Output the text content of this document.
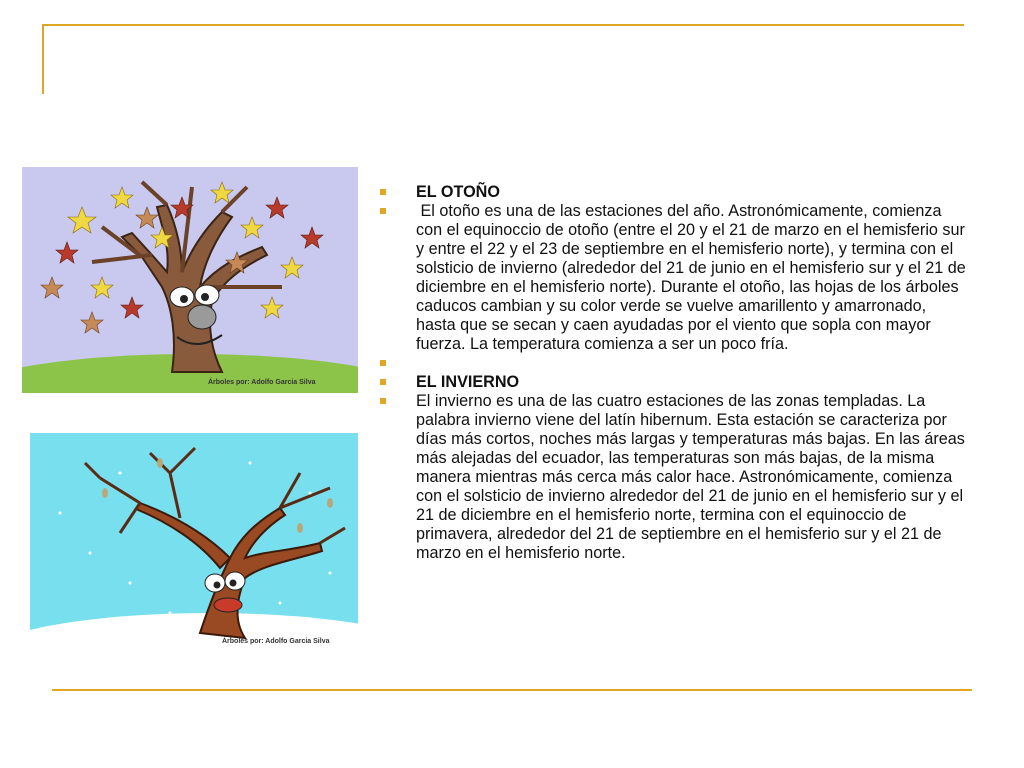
Árboles por: Adolfo Garcia Silva
Árboles por: Adolfo Garcia Silva
EL OTOÑO
El otoño es una de las estaciones del año. Astronómicamente, comienza con el equinoccio de otoño (entre el 20 y el 21 de marzo en el hemisferio sur y entre el 22 y el 23 de septiembre en el hemisferio norte), y termina con el solsticio de invierno (alrededor del 21 de junio en el hemisferio sur y el 21 de diciembre en el hemisferio norte). Durante el otoño, las hojas de los árboles caducos cambian y su color verde se vuelve amarillento y amarronado, hasta que se secan y caen ayudadas por el viento que sopla con mayor fuerza. La temperatura comienza a ser un poco fría.
EL INVIERNO
El invierno es una de las cuatro estaciones de las zonas templadas. La palabra invierno viene del latín hibernum. Esta estación se caracteriza por días más cortos, noches más largas y temperaturas más bajas. En las áreas más alejadas del ecuador, las temperaturas son más bajas, de la misma manera mientras más cerca más calor hace. Astronómicamente, comienza con el solsticio de invierno alrededor del 21 de junio en el hemisferio sur y el 21 de diciembre en el hemisferio norte, termina con el equinoccio de primavera, alrededor del 21 de septiembre en el hemisferio sur y el 21 de marzo en el hemisferio norte.
